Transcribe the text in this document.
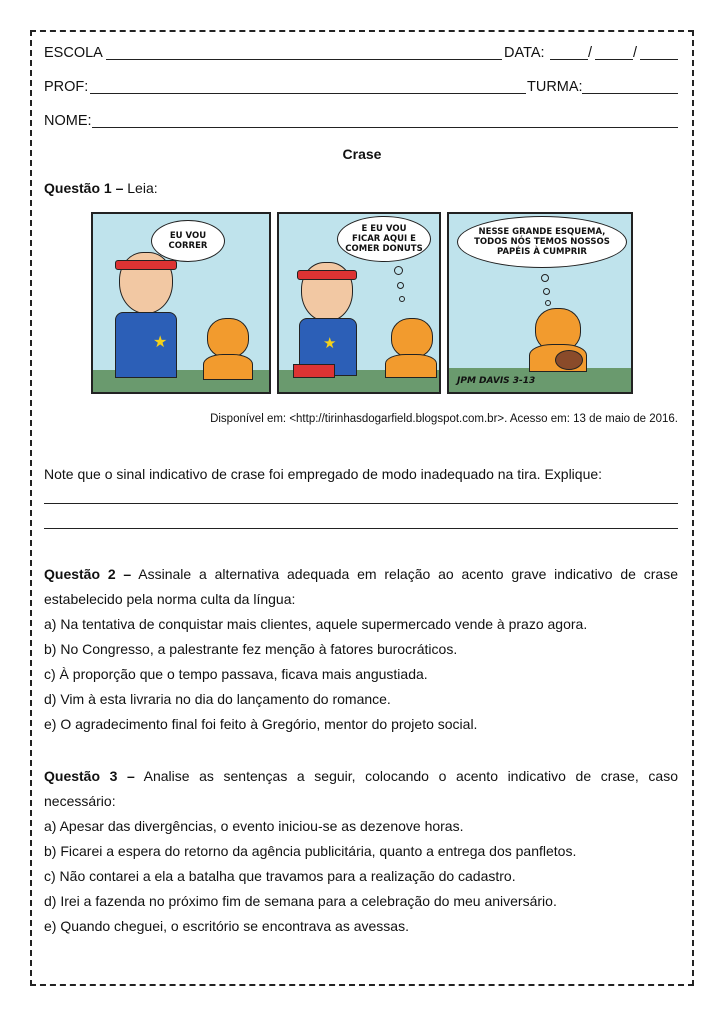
ESCOLA	DATA:	/	/
PROF:	TURMA:
NOME:
Crase
Questão 1 – Leia:
★
EU VOU
CORRER
★
E EU VOU
FICAR AQUI E
COMER DONUTS
NESSE GRANDE ESQUEMA,
TODOS NÓS TEMOS NOSSOS
PAPÉIS À CUMPRIR
JPM DAVIS 3-13
Disponível em: <http://tirinhasdogarfield.blogspot.com.br>. Acesso em: 13 de maio de 2016.
Note que o sinal indicativo de crase foi empregado de modo inadequado na tira. Explique:
Questão 2 – Assinale a alternativa adequada em relação ao acento grave indicativo de crase
estabelecido pela norma culta da língua:
a) Na tentativa de conquistar mais clientes, aquele supermercado vende à prazo agora.
b) No Congresso, a palestrante fez menção à fatores burocráticos.
c) À proporção que o tempo passava, ficava mais angustiada.
d) Vim à esta livraria no dia do lançamento do romance.
e) O agradecimento final foi feito à Gregório, mentor do projeto social.
Questão 3 – Analise as sentenças a seguir, colocando o acento indicativo de crase, caso
necessário:
a) Apesar das divergências, o evento iniciou-se as dezenove horas.
b) Ficarei a espera do retorno da agência publicitária, quanto a entrega dos panfletos.
c) Não contarei a ela a batalha que travamos para a realização do cadastro.
d) Irei a fazenda no próximo fim de semana para a celebração do meu aniversário.
e) Quando cheguei, o escritório se encontrava as avessas.
